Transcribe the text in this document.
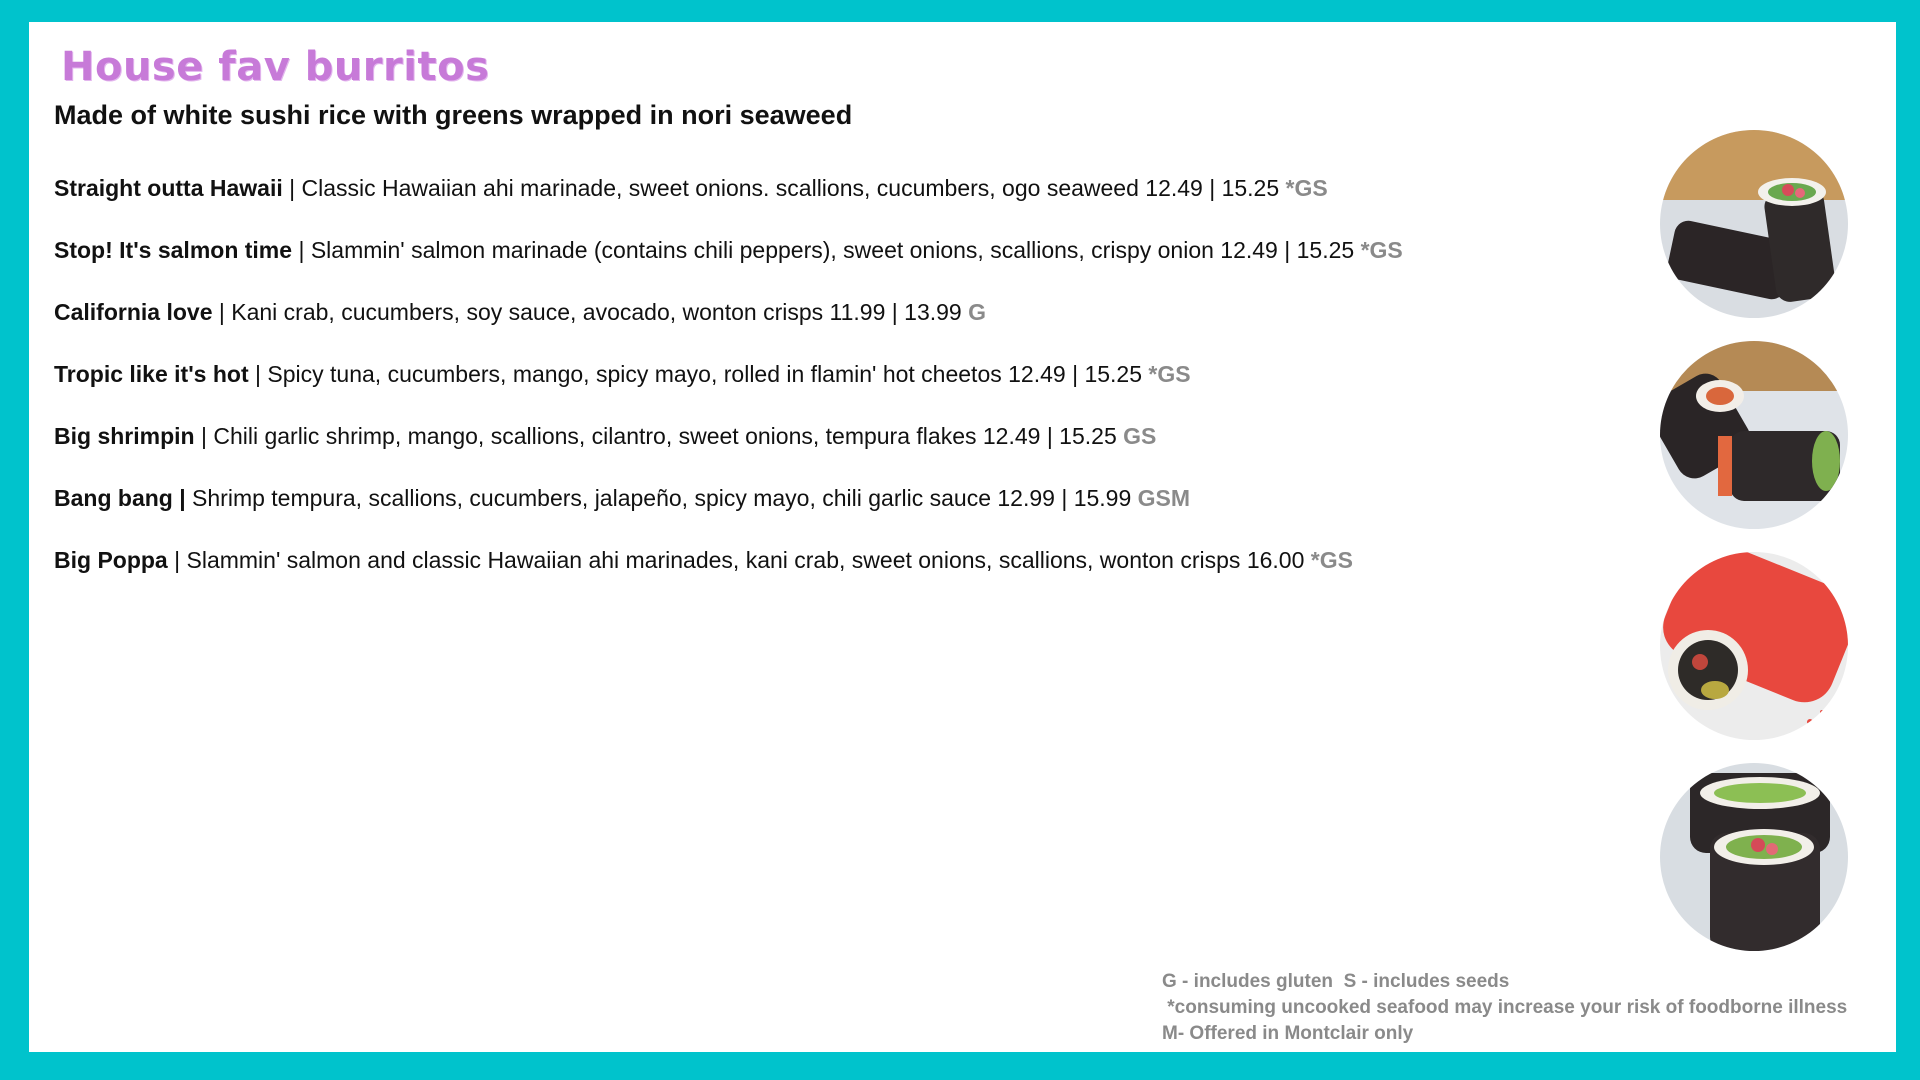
House fav burritos
Made of white sushi rice with greens wrapped in nori seaweed
Straight outta Hawaii | Classic Hawaiian ahi marinade, sweet onions. scallions, cucumbers, ogo seaweed 12.49 | 15.25 *GS
Stop! It's salmon time | Slammin' salmon marinade (contains chili peppers), sweet onions, scallions, crispy onion 12.49 | 15.25 *GS
California love | Kani crab, cucumbers, soy sauce, avocado, wonton crisps 11.99 | 13.99 G
Tropic like it's hot | Spicy tuna, cucumbers, mango, spicy mayo, rolled in flamin' hot cheetos 12.49 | 15.25 *GS
Big shrimpin | Chili garlic shrimp, mango, scallions, cilantro, sweet onions, tempura flakes 12.49 | 15.25 GS
Bang bang | Shrimp tempura, scallions, cucumbers, jalapeño, spicy mayo, chili garlic sauce 12.99 | 15.99 GSM
Big Poppa | Slammin' salmon and classic Hawaiian ahi marinades, kani crab, sweet onions, scallions, wonton crisps 16.00 *GS
G - includes gluten  S - includes seeds
*consuming uncooked seafood may increase your risk of foodborne illness
M- Offered in Montclair only
